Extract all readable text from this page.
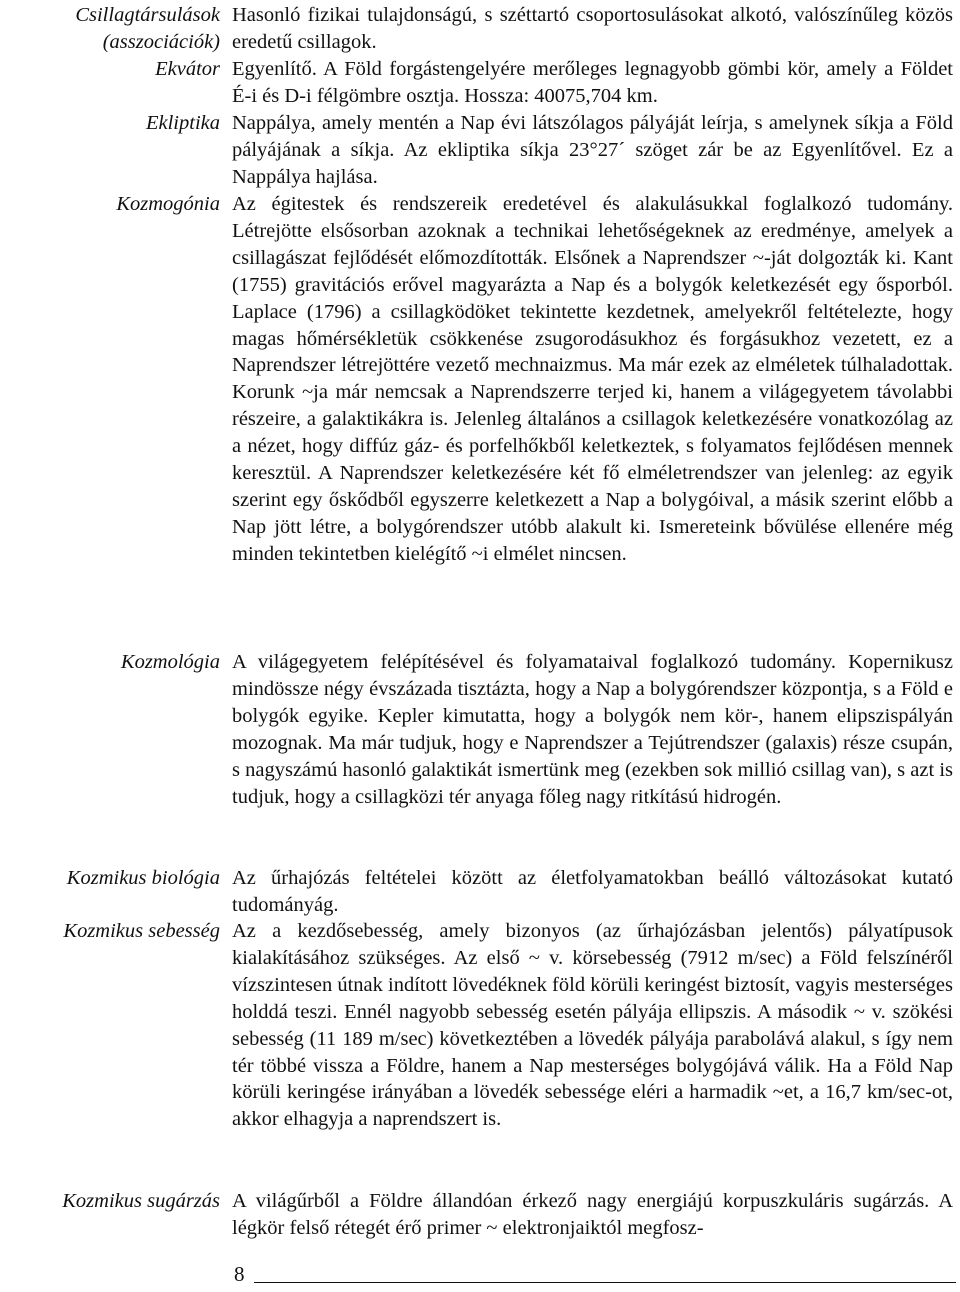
Csillagtársulások
(asszociációk)
Hasonló fizikai tulajdonságú, s széttartó csoportosulásokat alkotó, valószínűleg közös eredetű csillagok.
Ekvátor Egyenlítő. A Föld forgástengelyére merőleges legnagyobb gömbi kör, amely a Földet É-i és D-i félgömbre osztja. Hossza: 40075,704 km.
Ekliptika Nappálya, amely mentén a Nap évi látszólagos pályáját leírja, s amelynek síkja a Föld pályájának a síkja. Az ekliptika síkja 23°27´ szöget zár be az Egyenlítővel. Ez a Nappálya hajlása.
Kozmogónia Az égitestek és rendszereik eredetével és alakulásukkal foglalkozó tudomány. Létrejötte elsősorban azoknak a technikai lehetőségeknek az eredménye, amelyek a csillagászat fejlődését előmozdították. Elsőnek a Naprendszer ~-ját dolgozták ki. Kant (1755) gravitációs erővel magyarázta a Nap és a bolygók keletkezését egy ősporból. Laplace (1796) a csillagködöket tekintette kezdetnek, amelyekről feltételezte, hogy magas hőmérsékletük csökkenése zsugorodásukhoz és forgásukhoz vezetett, ez a Naprendszer létrejöttére vezető mechnaizmus. Ma már ezek az elméletek túlhaladottak. Korunk ~ja már nemcsak a Naprendszerre terjed ki, hanem a világegyetem távolabbi részeire, a galaktikákra is. Jelenleg általános a csillagok keletkezésére vonatkozólag az a nézet, hogy diffúz gáz- és porfelhőkből keletkeztek, s folyamatos fejlődésen mennek keresztül. A Naprendszer keletkezésére két fő elméletrendszer van jelenleg: az egyik szerint egy őskődből egyszerre keletkezett a Nap a bolygóival, a másik szerint előbb a Nap jött létre, a bolygórendszer utóbb alakult ki. Ismereteink bővülése ellenére még minden tekintetben kielégítő ~i elmélet nincsen.
Kozmológia A világegyetem felépítésével és folyamataival foglalkozó tudomány. Kopernikusz mindössze négy évszázada tisztázta, hogy a Nap a bolygórendszer központja, s a Föld e bolygók egyike. Kepler kimutatta, hogy a bolygók nem kör-, hanem elipszispályán mozognak. Ma már tudjuk, hogy e Naprendszer a Tejútrendszer (galaxis) része csupán, s nagyszámú hasonló galaktikát ismertünk meg (ezekben sok millió csillag van), s azt is tudjuk, hogy a csillagközi tér anyaga főleg nagy ritkítású hidrogén.
Kozmikus biológia Az űrhajózás feltételei között az életfolyamatokban beálló változásokat kutató tudományág.
Kozmikus sebesség Az a kezdősebesség, amely bizonyos (az űrhajózásban jelentős) pályatípusok kialakításához szükséges. Az első ~ v. körsebesség (7912 m/sec) a Föld felszínéről vízszintesen útnak indított lövedéknek föld körüli keringést biztosít, vagyis mesterséges holddá teszi. Ennél nagyobb sebesség esetén pályája ellipszis. A második ~ v. szökési sebesség (11 189 m/sec) következtében a lövedék pályája parabolává alakul, s így nem tér többé vissza a Földre, hanem a Nap mesterséges bolygójává válik. Ha a Föld Nap körüli keringése irányában a lövedék sebessége eléri a harmadik ~et, a 16,7 km/sec-ot, akkor elhagyja a naprendszert is.
Kozmikus sugárzás A világűrből a Földre állandóan érkező nagy energiájú korpuszkuláris sugárzás. A légkör felső rétegét érő primer ~ elektronjaiktól megfosz-
8
